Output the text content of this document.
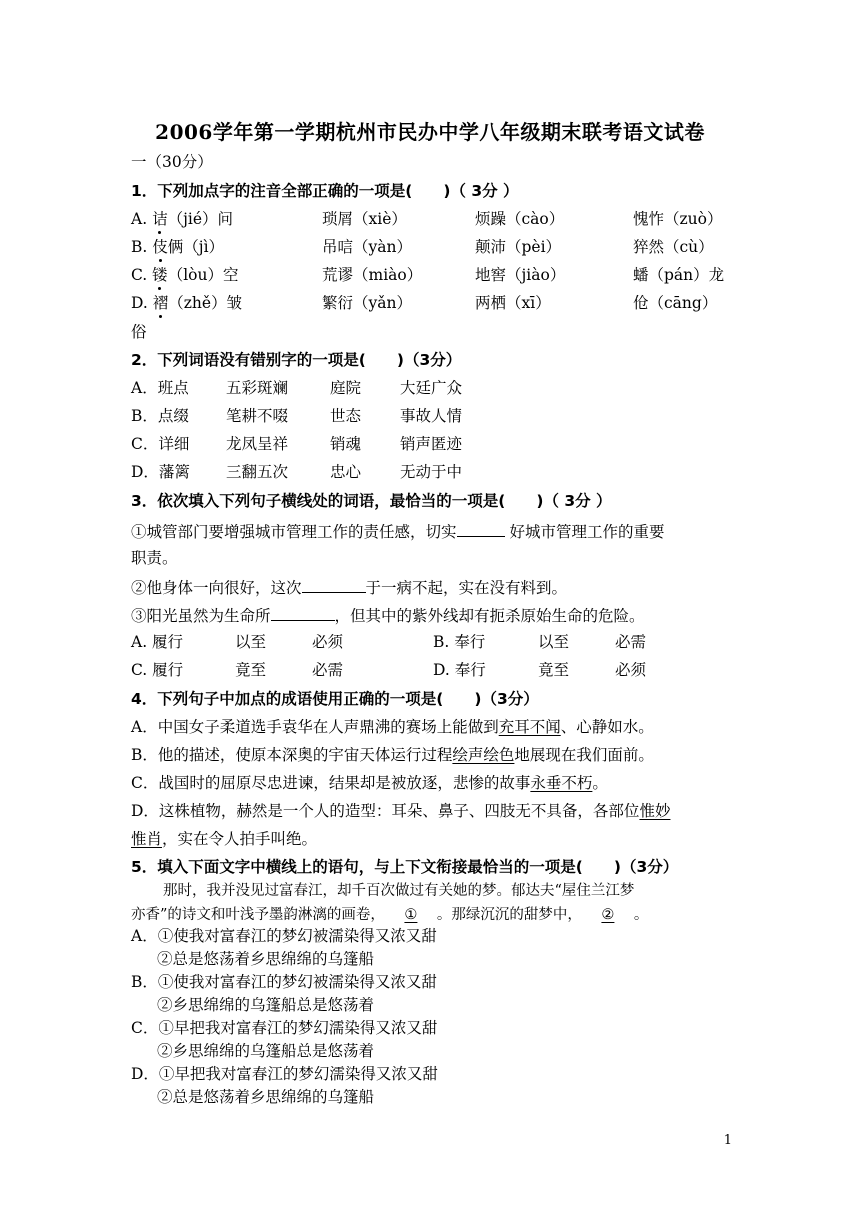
2006学年第一学期杭州市民办中学八年级期末联考语文试卷
一（30分）
1．下列加点字的注音全部正确的一项是(　　)（ 3分 ）
A. 诘（jié）问	琐屑（xiè）	烦躁（cào）	愧怍（zuò）
B. 伎俩（jì）	吊唁（yàn）	颠沛（pèi）	猝然（cù）
C. 镂（lòu）空	荒谬（miào）	地窖（jiào）	蟠（pán）龙
D. 褶（zhě）皱	繁衍（yǎn）	两栖（xī）	伧（cāng）
俗
2．下列词语没有错别字的一项是(　　)（3分）
A．班点 五彩斑斓	庭院	大廷广众
B．点缀 笔耕不啜	世态	事故人情
C．详细 龙凤呈祥	销魂	销声匿迹
D．藩篱 三翻五次	忠心	无动于中
3．依次填入下列句子横线处的词语，最恰当的一项是(　　)（ 3分 ）
①城管部门要增强城市管理工作的责任感，切实	好城市管理工作的重要
职责。
②他身体一向很好，这次	于一病不起，实在没有料到。
③阳光虽然为生命所	，但其中的紫外线却有扼杀原始生命的危险。
A. 履行	以至	必须	B. 奉行	以至	必需
C. 履行	竟至	必需	D. 奉行	竟至	必须
4．下列句子中加点的成语使用正确的一项是(　　)（3分）
A．中国女子柔道选手袁华在人声鼎沸的赛场上能做到充耳不闻、心静如水。
B．他的描述，使原本深奥的宇宙天体运行过程绘声绘色地展现在我们面前。
C．战国时的屈原尽忠进谏，结果却是被放逐，悲惨的故事永垂不朽。
D．这株植物，赫然是一个人的造型：耳朵、鼻子、四肢无不具备，各部位惟妙
惟肖，实在令人拍手叫绝。
5．填入下面文字中横线上的语句，与上下文衔接最恰当的一项是(　　)（3分）
那时，我并没见过富春江，却千百次做过有关她的梦。郁达夫“屋住兰江梦
亦香”的诗文和叶浅予墨韵淋漓的画卷， ① 。那绿沉沉的甜梦中， ② 。
A．①使我对富春江的梦幻被濡染得又浓又甜
②总是悠荡着乡思绵绵的乌篷船
B．①使我对富春江的梦幻被濡染得又浓又甜
②乡思绵绵的乌篷船总是悠荡着
C．①早把我对富春江的梦幻濡染得又浓又甜
②乡思绵绵的乌篷船总是悠荡着
D．①早把我对富春江的梦幻濡染得又浓又甜
②总是悠荡着乡思绵绵的乌篷船
1
